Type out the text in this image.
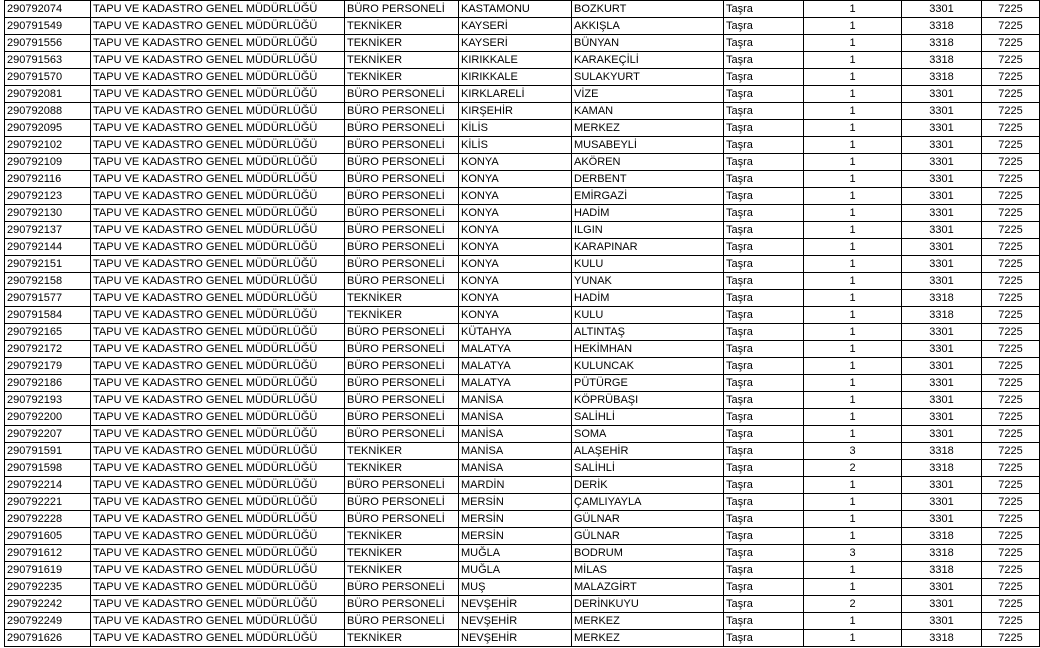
290792074	TAPU VE KADASTRO GENEL MÜDÜRLÜĞÜ	BÜRO PERSONELİ	KASTAMONU	BOZKURT	Taşra	1	3301	7225
290791549	TAPU VE KADASTRO GENEL MÜDÜRLÜĞÜ	TEKNİKER	KAYSERİ	AKKIŞLA	Taşra	1	3318	7225
290791556	TAPU VE KADASTRO GENEL MÜDÜRLÜĞÜ	TEKNİKER	KAYSERİ	BÜNYAN	Taşra	1	3318	7225
290791563	TAPU VE KADASTRO GENEL MÜDÜRLÜĞÜ	TEKNİKER	KIRIKKALE	KARAKEÇİLİ	Taşra	1	3318	7225
290791570	TAPU VE KADASTRO GENEL MÜDÜRLÜĞÜ	TEKNİKER	KIRIKKALE	SULAKYURT	Taşra	1	3318	7225
290792081	TAPU VE KADASTRO GENEL MÜDÜRLÜĞÜ	BÜRO PERSONELİ	KIRKLARELİ	VİZE	Taşra	1	3301	7225
290792088	TAPU VE KADASTRO GENEL MÜDÜRLÜĞÜ	BÜRO PERSONELİ	KIRŞEHİR	KAMAN	Taşra	1	3301	7225
290792095	TAPU VE KADASTRO GENEL MÜDÜRLÜĞÜ	BÜRO PERSONELİ	KİLİS	MERKEZ	Taşra	1	3301	7225
290792102	TAPU VE KADASTRO GENEL MÜDÜRLÜĞÜ	BÜRO PERSONELİ	KİLİS	MUSABEYLİ	Taşra	1	3301	7225
290792109	TAPU VE KADASTRO GENEL MÜDÜRLÜĞÜ	BÜRO PERSONELİ	KONYA	AKÖREN	Taşra	1	3301	7225
290792116	TAPU VE KADASTRO GENEL MÜDÜRLÜĞÜ	BÜRO PERSONELİ	KONYA	DERBENT	Taşra	1	3301	7225
290792123	TAPU VE KADASTRO GENEL MÜDÜRLÜĞÜ	BÜRO PERSONELİ	KONYA	EMİRGAZİ	Taşra	1	3301	7225
290792130	TAPU VE KADASTRO GENEL MÜDÜRLÜĞÜ	BÜRO PERSONELİ	KONYA	HADİM	Taşra	1	3301	7225
290792137	TAPU VE KADASTRO GENEL MÜDÜRLÜĞÜ	BÜRO PERSONELİ	KONYA	ILGIN	Taşra	1	3301	7225
290792144	TAPU VE KADASTRO GENEL MÜDÜRLÜĞÜ	BÜRO PERSONELİ	KONYA	KARAPINAR	Taşra	1	3301	7225
290792151	TAPU VE KADASTRO GENEL MÜDÜRLÜĞÜ	BÜRO PERSONELİ	KONYA	KULU	Taşra	1	3301	7225
290792158	TAPU VE KADASTRO GENEL MÜDÜRLÜĞÜ	BÜRO PERSONELİ	KONYA	YUNAK	Taşra	1	3301	7225
290791577	TAPU VE KADASTRO GENEL MÜDÜRLÜĞÜ	TEKNİKER	KONYA	HADİM	Taşra	1	3318	7225
290791584	TAPU VE KADASTRO GENEL MÜDÜRLÜĞÜ	TEKNİKER	KONYA	KULU	Taşra	1	3318	7225
290792165	TAPU VE KADASTRO GENEL MÜDÜRLÜĞÜ	BÜRO PERSONELİ	KÜTAHYA	ALTINTAŞ	Taşra	1	3301	7225
290792172	TAPU VE KADASTRO GENEL MÜDÜRLÜĞÜ	BÜRO PERSONELİ	MALATYA	HEKİMHAN	Taşra	1	3301	7225
290792179	TAPU VE KADASTRO GENEL MÜDÜRLÜĞÜ	BÜRO PERSONELİ	MALATYA	KULUNCAK	Taşra	1	3301	7225
290792186	TAPU VE KADASTRO GENEL MÜDÜRLÜĞÜ	BÜRO PERSONELİ	MALATYA	PÜTÜRGE	Taşra	1	3301	7225
290792193	TAPU VE KADASTRO GENEL MÜDÜRLÜĞÜ	BÜRO PERSONELİ	MANİSA	KÖPRÜBAŞI	Taşra	1	3301	7225
290792200	TAPU VE KADASTRO GENEL MÜDÜRLÜĞÜ	BÜRO PERSONELİ	MANİSA	SALİHLİ	Taşra	1	3301	7225
290792207	TAPU VE KADASTRO GENEL MÜDÜRLÜĞÜ	BÜRO PERSONELİ	MANİSA	SOMA	Taşra	1	3301	7225
290791591	TAPU VE KADASTRO GENEL MÜDÜRLÜĞÜ	TEKNİKER	MANİSA	ALAŞEHİR	Taşra	3	3318	7225
290791598	TAPU VE KADASTRO GENEL MÜDÜRLÜĞÜ	TEKNİKER	MANİSA	SALİHLİ	Taşra	2	3318	7225
290792214	TAPU VE KADASTRO GENEL MÜDÜRLÜĞÜ	BÜRO PERSONELİ	MARDİN	DERİK	Taşra	1	3301	7225
290792221	TAPU VE KADASTRO GENEL MÜDÜRLÜĞÜ	BÜRO PERSONELİ	MERSİN	ÇAMLIYAYLA	Taşra	1	3301	7225
290792228	TAPU VE KADASTRO GENEL MÜDÜRLÜĞÜ	BÜRO PERSONELİ	MERSİN	GÜLNAR	Taşra	1	3301	7225
290791605	TAPU VE KADASTRO GENEL MÜDÜRLÜĞÜ	TEKNİKER	MERSİN	GÜLNAR	Taşra	1	3318	7225
290791612	TAPU VE KADASTRO GENEL MÜDÜRLÜĞÜ	TEKNİKER	MUĞLA	BODRUM	Taşra	3	3318	7225
290791619	TAPU VE KADASTRO GENEL MÜDÜRLÜĞÜ	TEKNİKER	MUĞLA	MİLAS	Taşra	1	3318	7225
290792235	TAPU VE KADASTRO GENEL MÜDÜRLÜĞÜ	BÜRO PERSONELİ	MUŞ	MALAZGİRT	Taşra	1	3301	7225
290792242	TAPU VE KADASTRO GENEL MÜDÜRLÜĞÜ	BÜRO PERSONELİ	NEVŞEHİR	DERİNKUYU	Taşra	2	3301	7225
290792249	TAPU VE KADASTRO GENEL MÜDÜRLÜĞÜ	BÜRO PERSONELİ	NEVŞEHİR	MERKEZ	Taşra	1	3301	7225
290791626	TAPU VE KADASTRO GENEL MÜDÜRLÜĞÜ	TEKNİKER	NEVŞEHİR	MERKEZ	Taşra	1	3318	7225
